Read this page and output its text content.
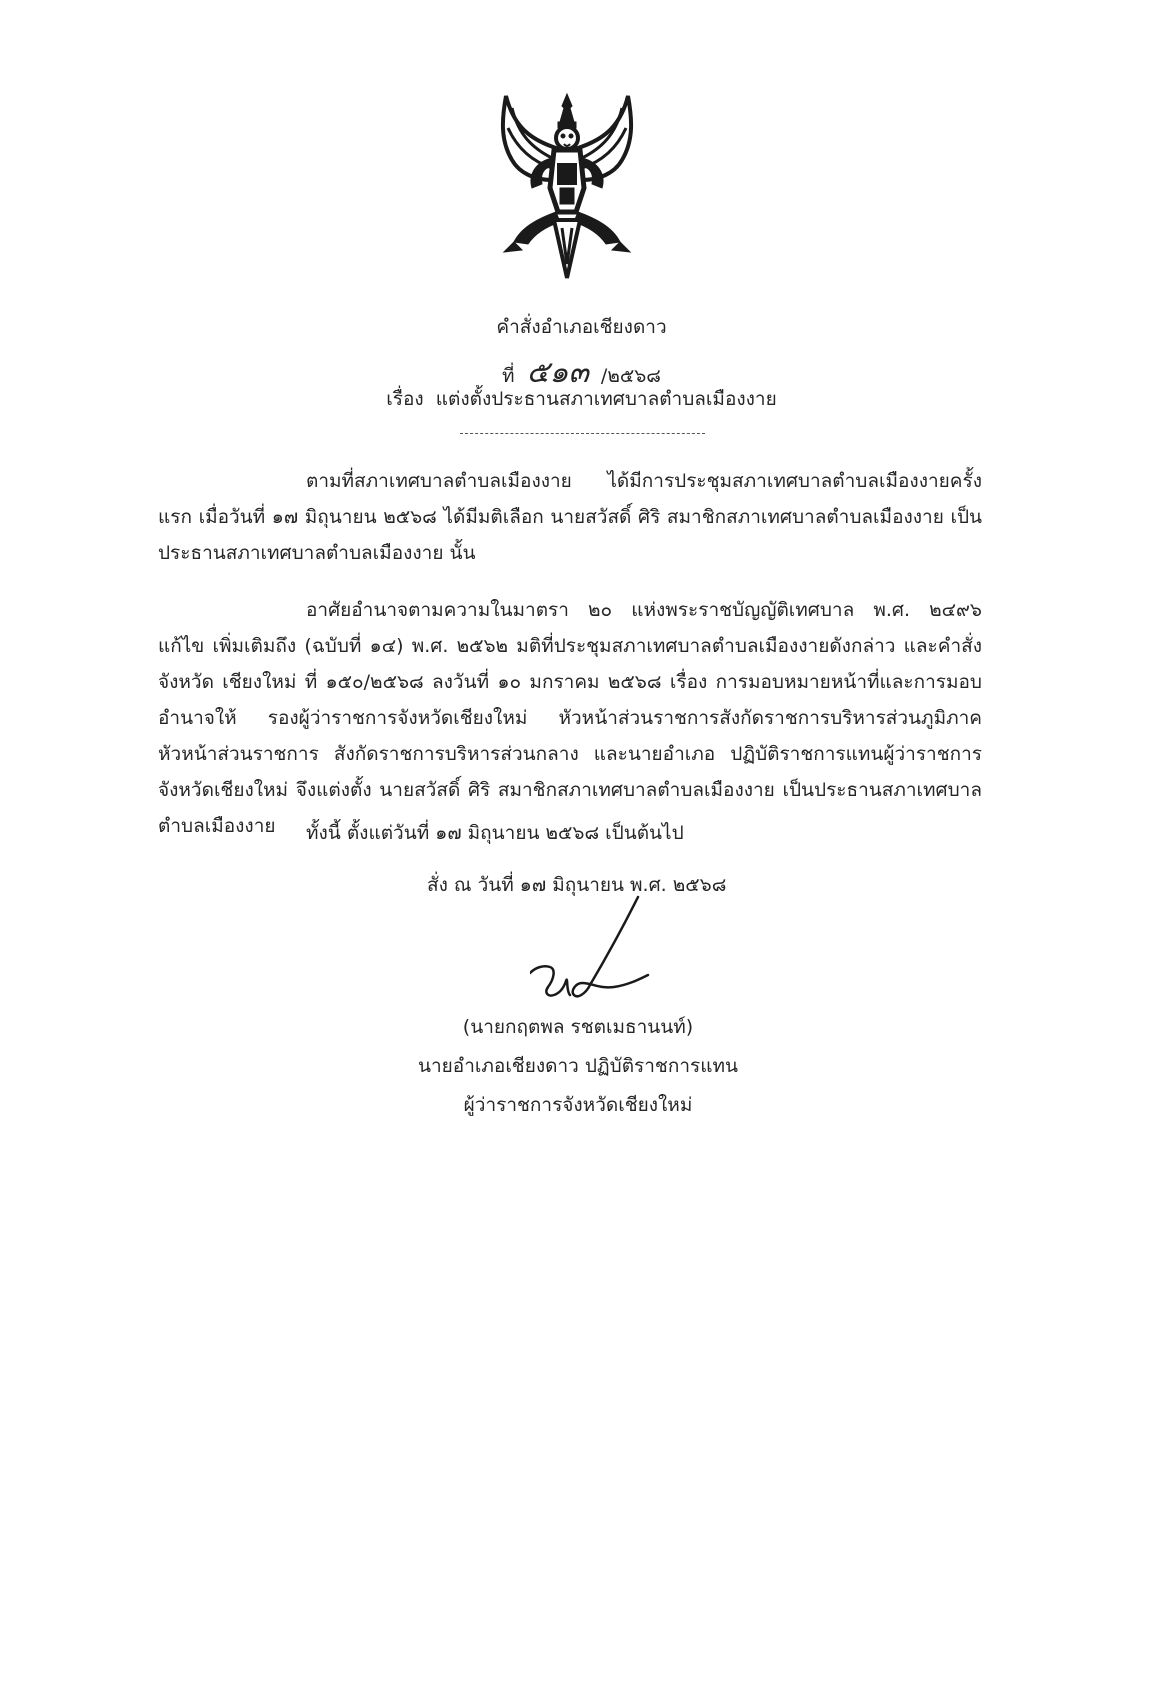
คำสั่งอำเภอเชียงดาว
ที่ ๕๑๓ /๒๕๖๘
เรื่อง แต่งตั้งประธานสภาเทศบาลตำบลเมืองงาย
ตามที่สภาเทศบาลตำบลเมืองงาย ได้มีการประชุมสภาเทศบาลตำบลเมืองงายครั้งแรก เมื่อวันที่ ๑๗ มิถุนายน ๒๕๖๘ ได้มีมติเลือก นายสวัสดิ์ ศิริ สมาชิกสภาเทศบาลตำบลเมืองงาย เป็นประธานสภาเทศบาลตำบลเมืองงาย นั้น
อาศัยอำนาจตามความในมาตรา ๒๐ แห่งพระราชบัญญัติเทศบาล พ.ศ. ๒๔๙๖ แก้ไข เพิ่มเติมถึง (ฉบับที่ ๑๔) พ.ศ. ๒๕๖๒ มติที่ประชุมสภาเทศบาลตำบลเมืองงายดังกล่าว และคำสั่งจังหวัด เชียงใหม่ ที่ ๑๕๐/๒๕๖๘ ลงวันที่ ๑๐ มกราคม ๒๕๖๘ เรื่อง การมอบหมายหน้าที่และการมอบอำนาจให้ รองผู้ว่าราชการจังหวัดเชียงใหม่ หัวหน้าส่วนราชการสังกัดราชการบริหารส่วนภูมิภาค หัวหน้าส่วนราชการ สังกัดราชการบริหารส่วนกลาง และนายอำเภอ ปฏิบัติราชการแทนผู้ว่าราชการจังหวัดเชียงใหม่ จึงแต่งตั้ง นายสวัสดิ์ ศิริ สมาชิกสภาเทศบาลตำบลเมืองงาย เป็นประธานสภาเทศบาลตำบลเมืองงาย	ทั้งนี้ ตั้งแต่วันที่ ๑๗ มิถุนายน ๒๕๖๘ เป็นต้นไป
สั่ง ณ วันที่ ๑๗ มิถุนายน พ.ศ. ๒๕๖๘
(นายกฤตพล รชตเมธานนท์)
นายอำเภอเชียงดาว ปฏิบัติราชการแทน
ผู้ว่าราชการจังหวัดเชียงใหม่
